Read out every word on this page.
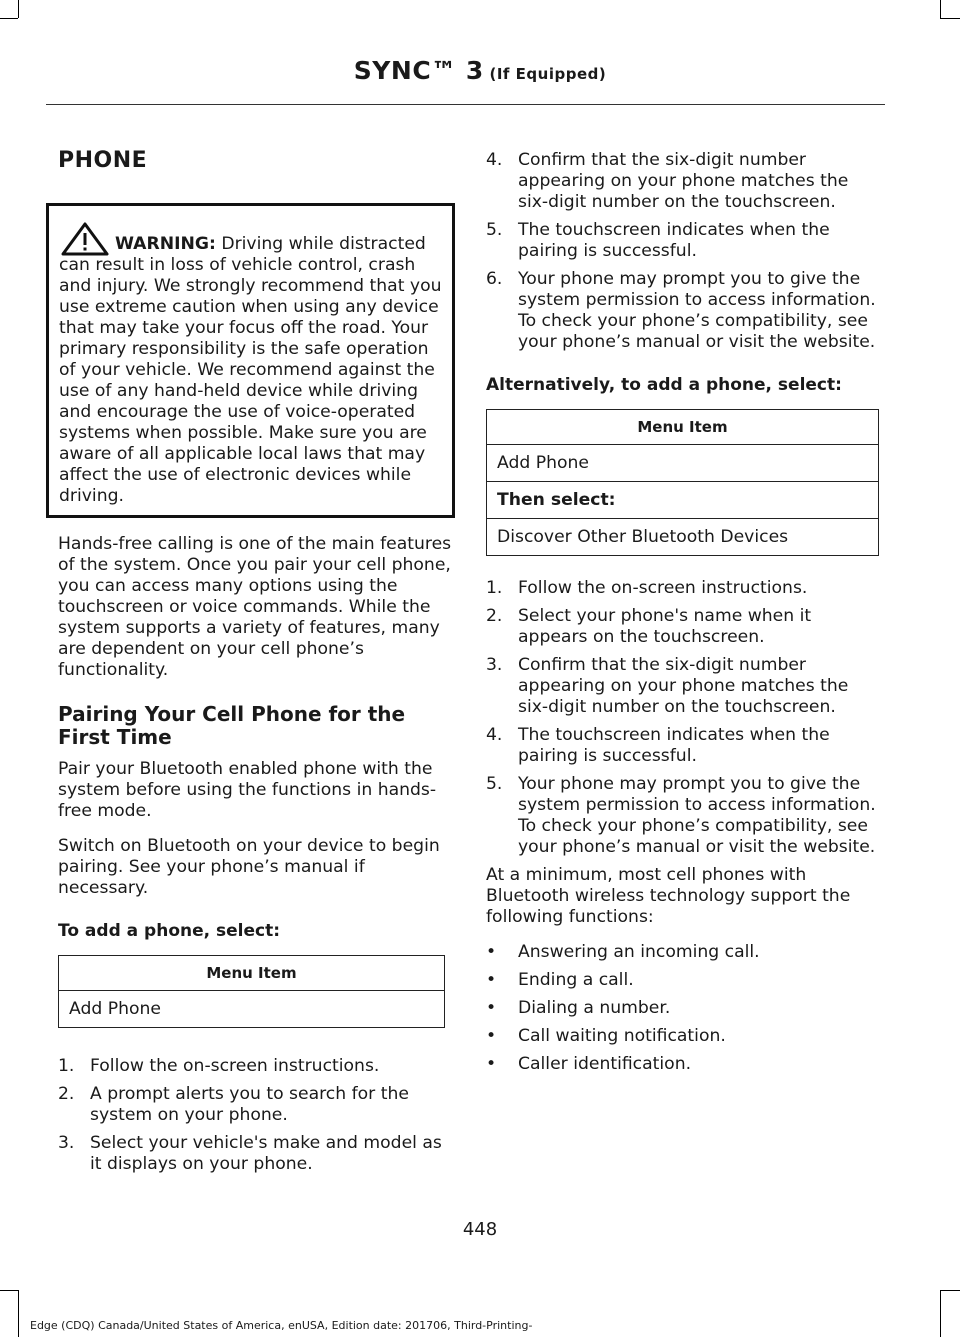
SYNC™ 3 (If Equipped)
PHONE
WARNING: Driving while distracted can result in loss of vehicle control, crash and injury. We strongly recommend that you use extreme caution when using any device that may take your focus off the road. Your primary responsibility is the safe operation of your vehicle. We recommend against the use of any hand-held device while driving and encourage the use of voice-operated systems when possible. Make sure you are aware of all applicable local laws that may affect the use of electronic devices while driving.

Hands-free calling is one of the main features of the system. Once you pair your cell phone, you can access many options using the touchscreen or voice commands. While the system supports a variety of features, many are dependent on your cell phone’s functionality.

Pairing Your Cell Phone for the First Time

Pair your Bluetooth enabled phone with the system before using the functions in hands-free mode.

Switch on Bluetooth on your device to begin pairing. See your phone’s manual if necessary.

To add a phone, select:
Menu Item
Add Phone
1. Follow the on-screen instructions.
2. A prompt alerts you to search for the system on your phone.
3. Select your vehicle's make and model as it displays on your phone.
4. Confirm that the six-digit number appearing on your phone matches the six-digit number on the touchscreen.
5. The touchscreen indicates when the pairing is successful.
6. Your phone may prompt you to give the system permission to access information. To check your phone’s compatibility, see your phone’s manual or visit the website.
Alternatively, to add a phone, select:
Menu Item
Add Phone
Then select:
Discover Other Bluetooth Devices
1. Follow the on-screen instructions.
2. Select your phone's name when it appears on the touchscreen.
3. Confirm that the six-digit number appearing on your phone matches the six-digit number on the touchscreen.
4. The touchscreen indicates when the pairing is successful.
5. Your phone may prompt you to give the system permission to access information. To check your phone’s compatibility, see your phone’s manual or visit the website.

At a minimum, most cell phones with Bluetooth wireless technology support the following functions:

•	Answering an incoming call.
•	Ending a call.
•	Dialing a number.
•	Call waiting notification.
•	Caller identification.
448
Edge (CDQ) Canada/United States of America, enUSA, Edition date: 201706, Third-Printing-
